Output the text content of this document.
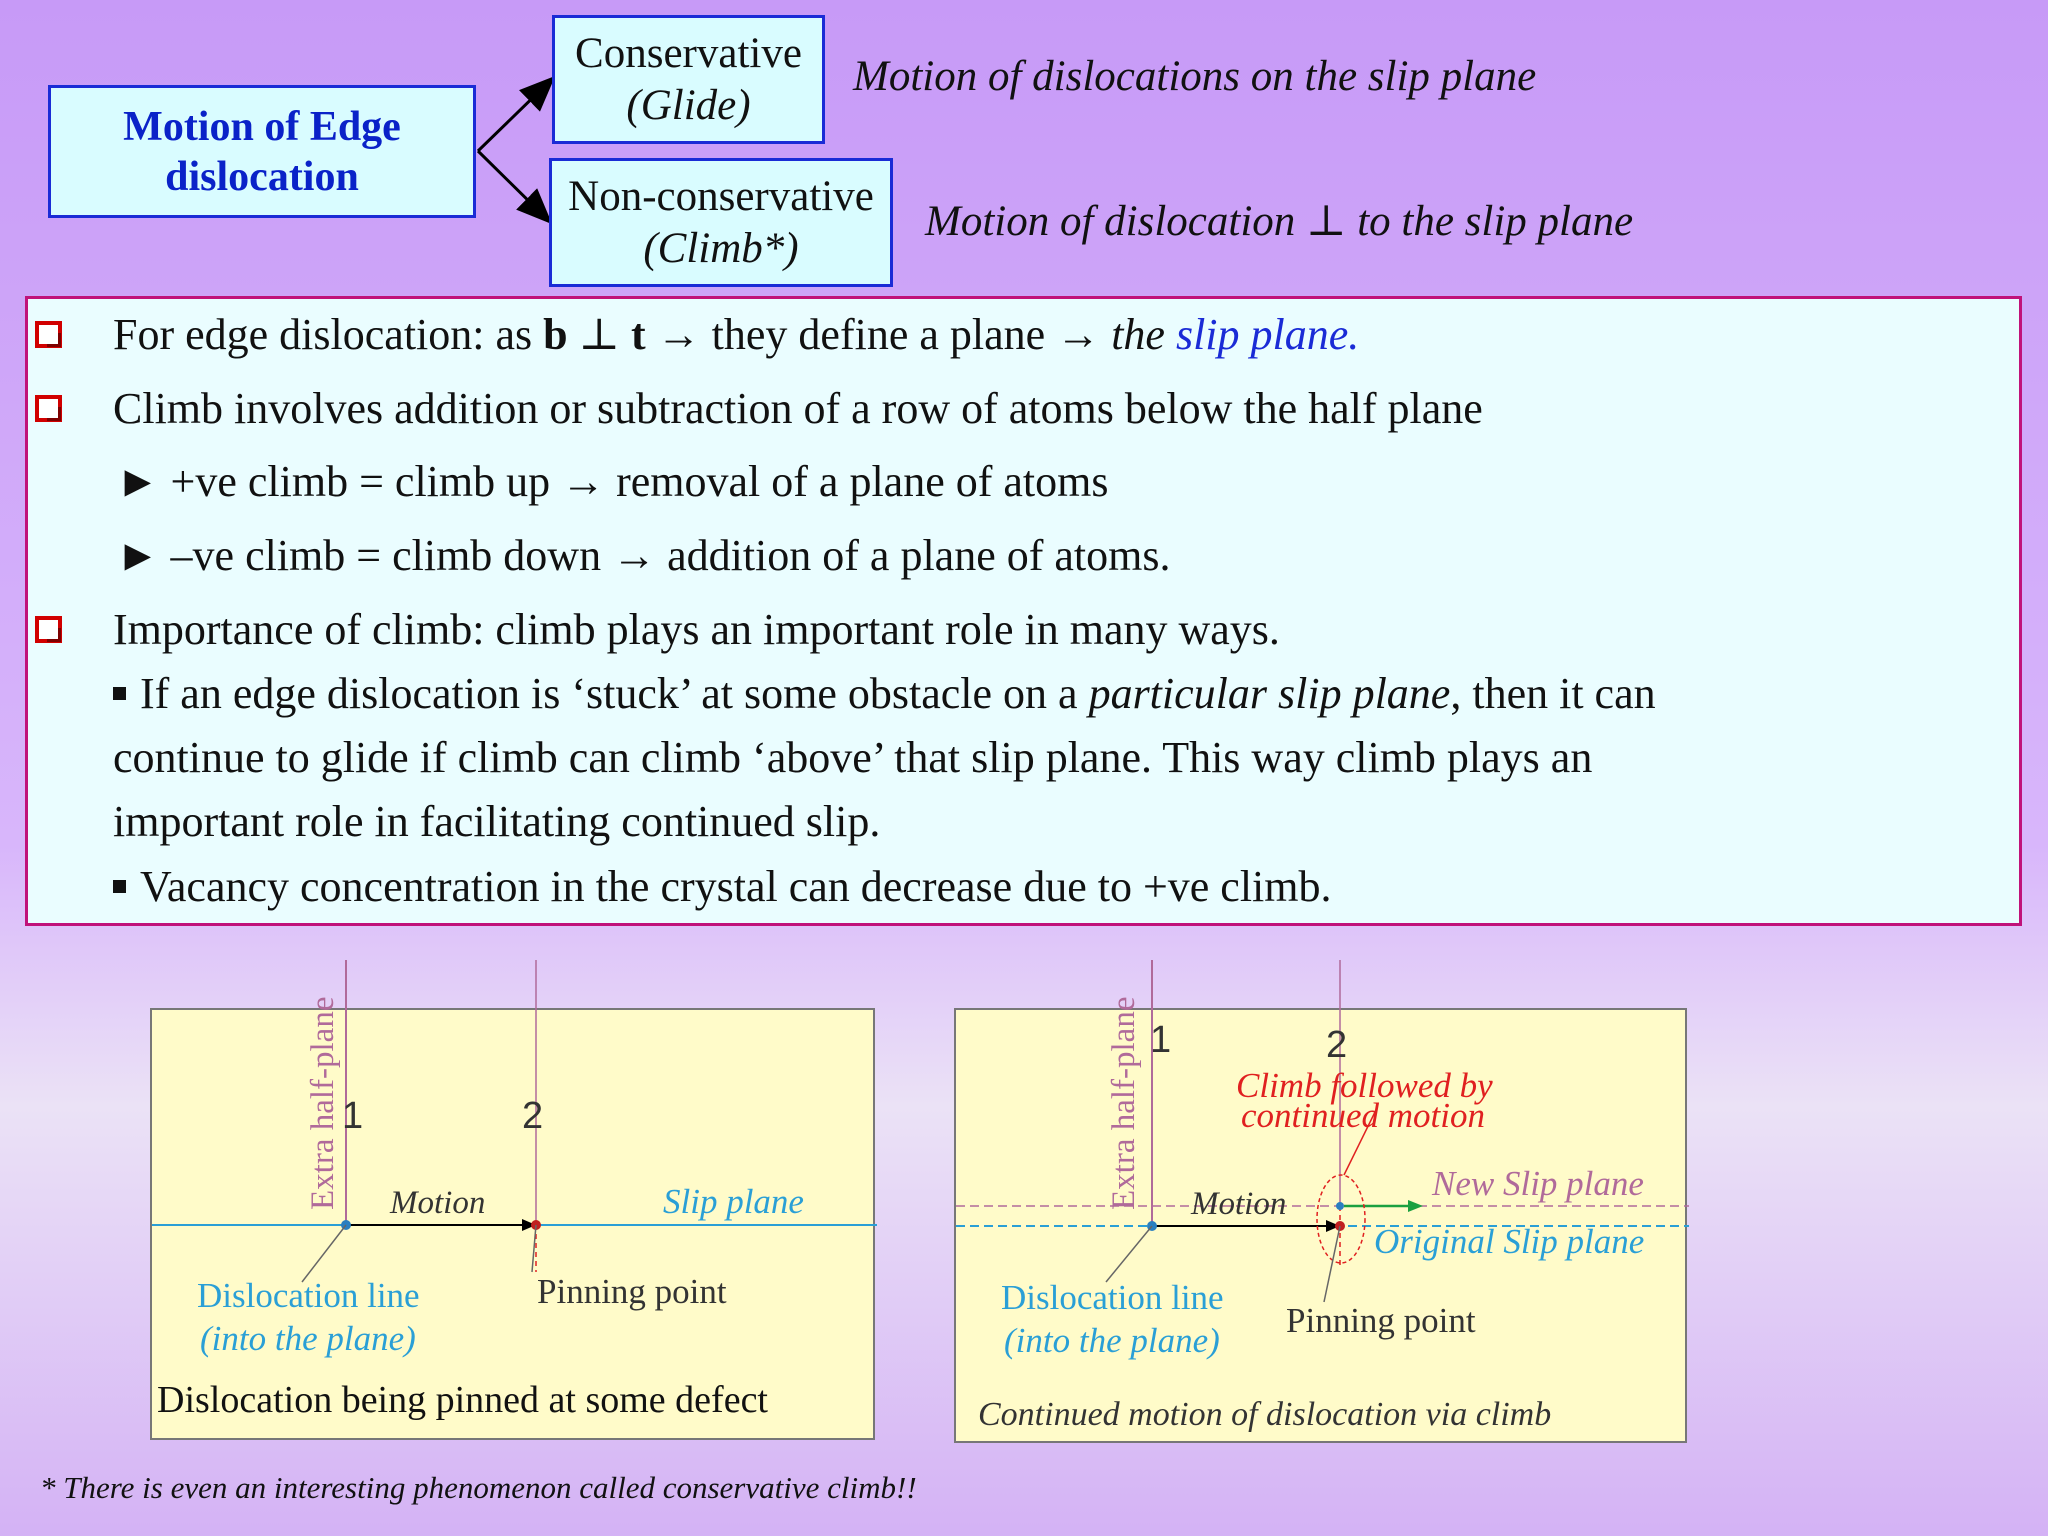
Motion of Edge
dislocation
Conservative
(Glide)
Motion of dislocations on the slip plane
Non-conservative
(Climb*)
Motion of dislocation ⊥ to the slip plane
For edge dislocation: as b ⊥ t → they define a plane → the slip plane.
Climb involves addition or subtraction of a row of atoms below the half plane
► +ve climb = climb up → removal of a plane of atoms
► –ve climb = climb down → addition of a plane of atoms.
Importance of climb: climb plays an important role in many ways.
If an edge dislocation is ‘stuck’ at some obstacle on a particular slip plane, then it can
continue to glide if climb can climb ‘above’ that slip plane. This way climb plays an
important role in facilitating continued slip.
Vacancy concentration in the crystal can decrease due to +ve climb.
Extra half-plane 1	2
Motion	Slip plane
Dislocation line
(into the plane)
Pinning point
Dislocation being pinned at some defect
Extra half-plane 1	2
Climb followed by
continued motion
Motion
New Slip plane
Original Slip plane
Dislocation line
(into the plane)
Pinning point
Continued motion of dislocation via climb
* There is even an interesting phenomenon called conservative climb!!
